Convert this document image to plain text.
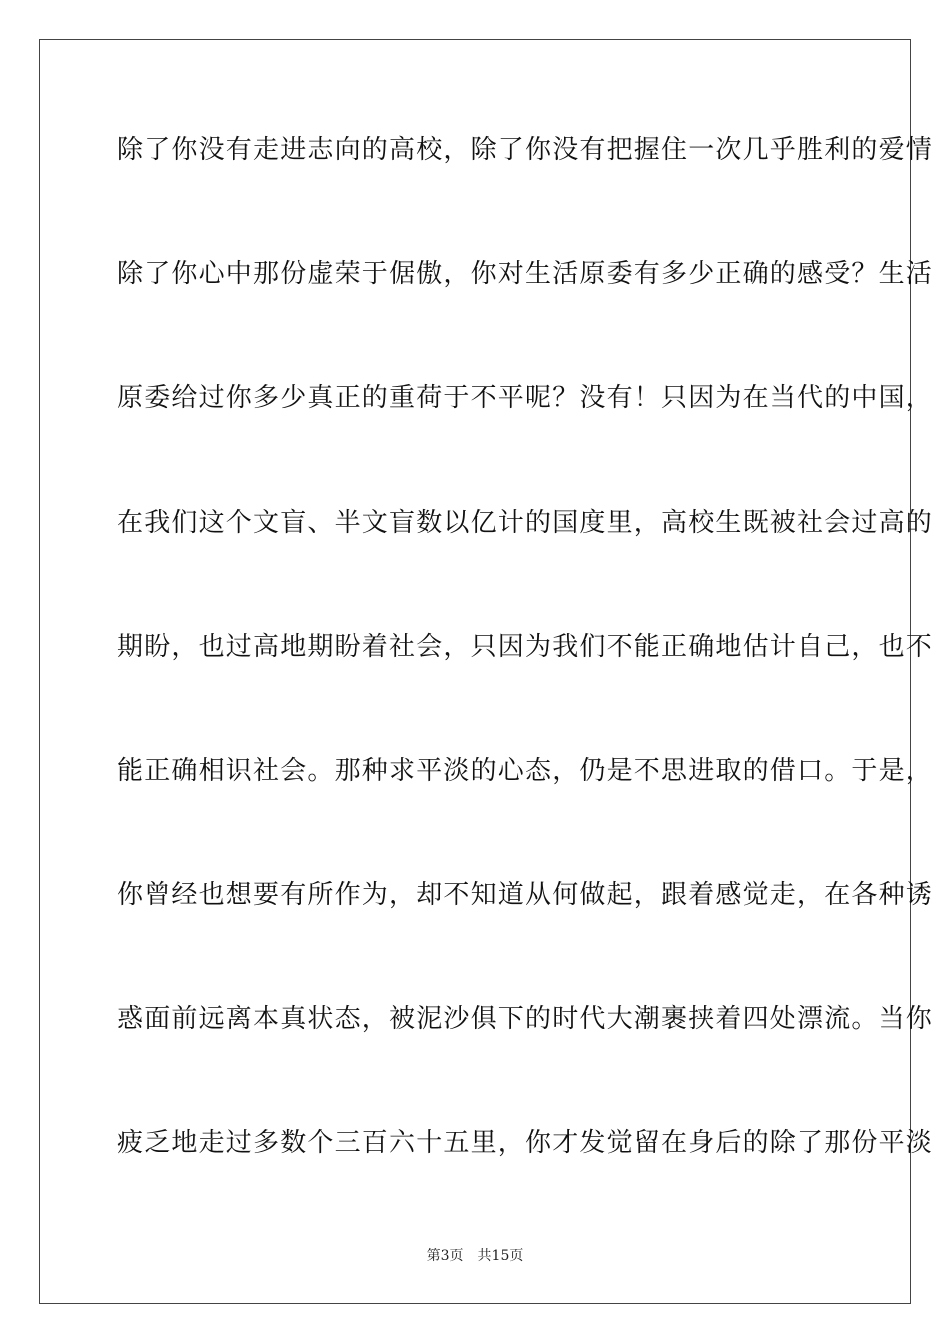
除了你没有走进志向的高校，除了你没有把握住一次几乎胜利的爱情
除了你心中那份虚荣于倨傲，你对生活原委有多少正确的感受？生活
原委给过你多少真正的重荷于不平呢？没有！只因为在当代的中国，
在我们这个文盲、半文盲数以亿计的国度里，高校生既被社会过高的
期盼，也过高地期盼着社会，只因为我们不能正确地估计自己，也不
能正确相识社会。那种求平淡的心态，仍是不思进取的借口。于是，
你曾经也想要有所作为，却不知道从何做起，跟着感觉走，在各种诱
惑面前远离本真状态，被泥沙俱下的时代大潮裹挟着四处漂流。当你
疲乏地走过多数个三百六十五里，你才发觉留在身后的除了那份平淡
第3页 共15页
